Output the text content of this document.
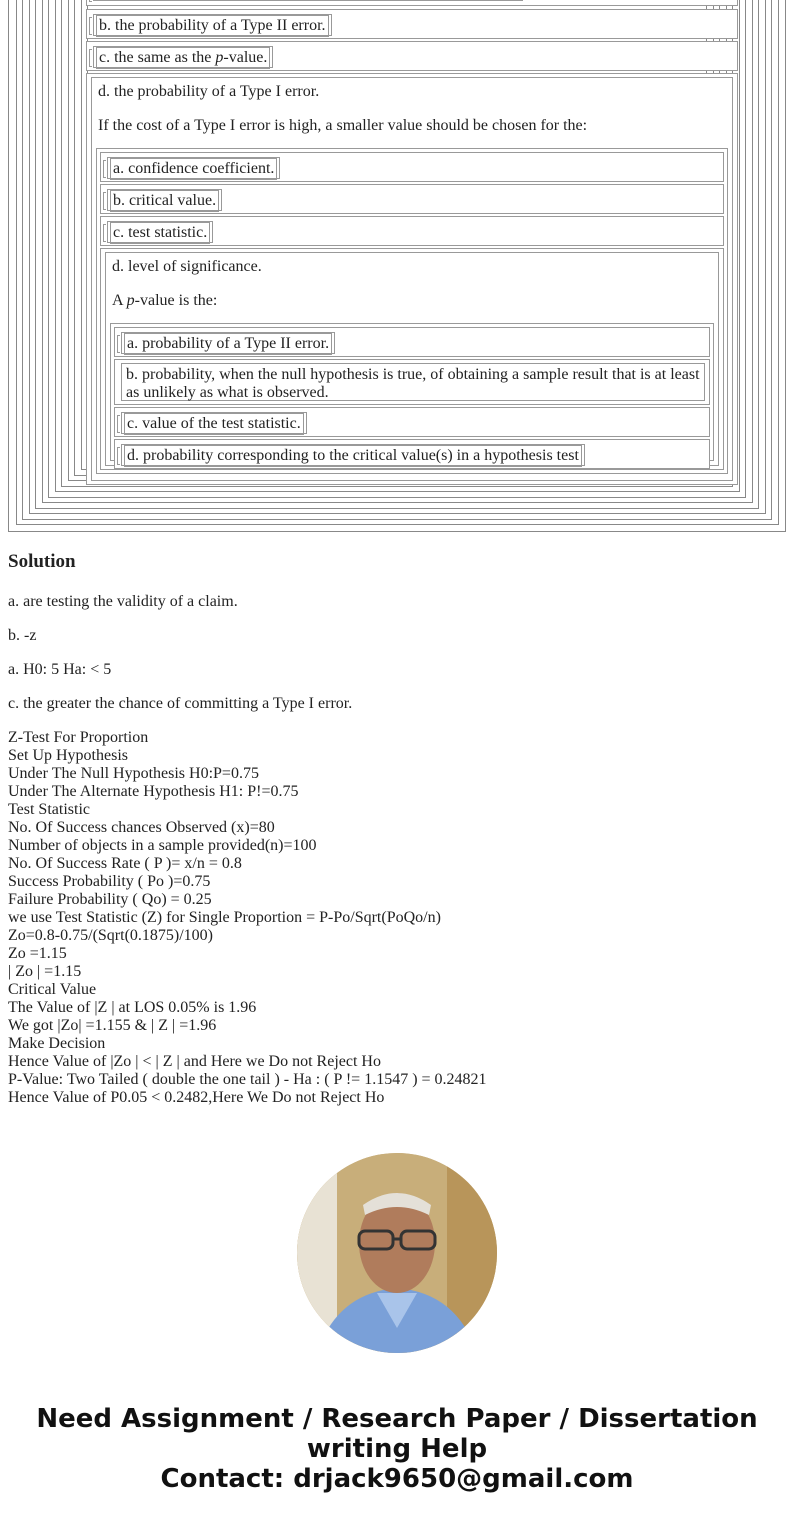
b. the probability of a Type II error.
c. the same as the p-value.
d. the probability of a Type I error.
If the cost of a Type I error is high, a smaller value should be chosen for the:
a. confidence coefficient.
b. critical value.
c. test statistic.
d. level of significance.
A p-value is the:
a. probability of a Type II error.
b. probability, when the null hypothesis is true, of obtaining a sample result that is at least
as unlikely as what is observed.
c. value of the test statistic.
d. probability corresponding to the critical value(s) in a hypothesis test
Solution
a. are testing the validity of a claim.
b. -z
a. H0: 5 Ha: < 5
c. the greater the chance of committing a Type I error.
Z-Test For Proportion
Set Up Hypothesis
Under The Null Hypothesis H0:P=0.75
Under The Alternate Hypothesis H1: P!=0.75
Test Statistic
No. Of Success chances Observed (x)=80
Number of objects in a sample provided(n)=100
No. Of Success Rate ( P )= x/n = 0.8
Success Probability ( Po )=0.75
Failure Probability ( Qo) = 0.25
we use Test Statistic (Z) for Single Proportion = P-Po/Sqrt(PoQo/n)
Zo=0.8-0.75/(Sqrt(0.1875)/100)
Zo =1.15
| Zo | =1.15
Critical Value
The Value of |Z | at LOS 0.05% is 1.96
We got |Zo| =1.155 & | Z | =1.96
Make Decision
Hence Value of |Zo | < | Z | and Here we Do not Reject Ho
P-Value: Two Tailed ( double the one tail ) - Ha : ( P != 1.1547 ) = 0.24821
Hence Value of P0.05 < 0.2482,Here We Do not Reject Ho
Need Assignment / Research Paper / Dissertation
writing Help
Contact: drjack9650@gmail.com
